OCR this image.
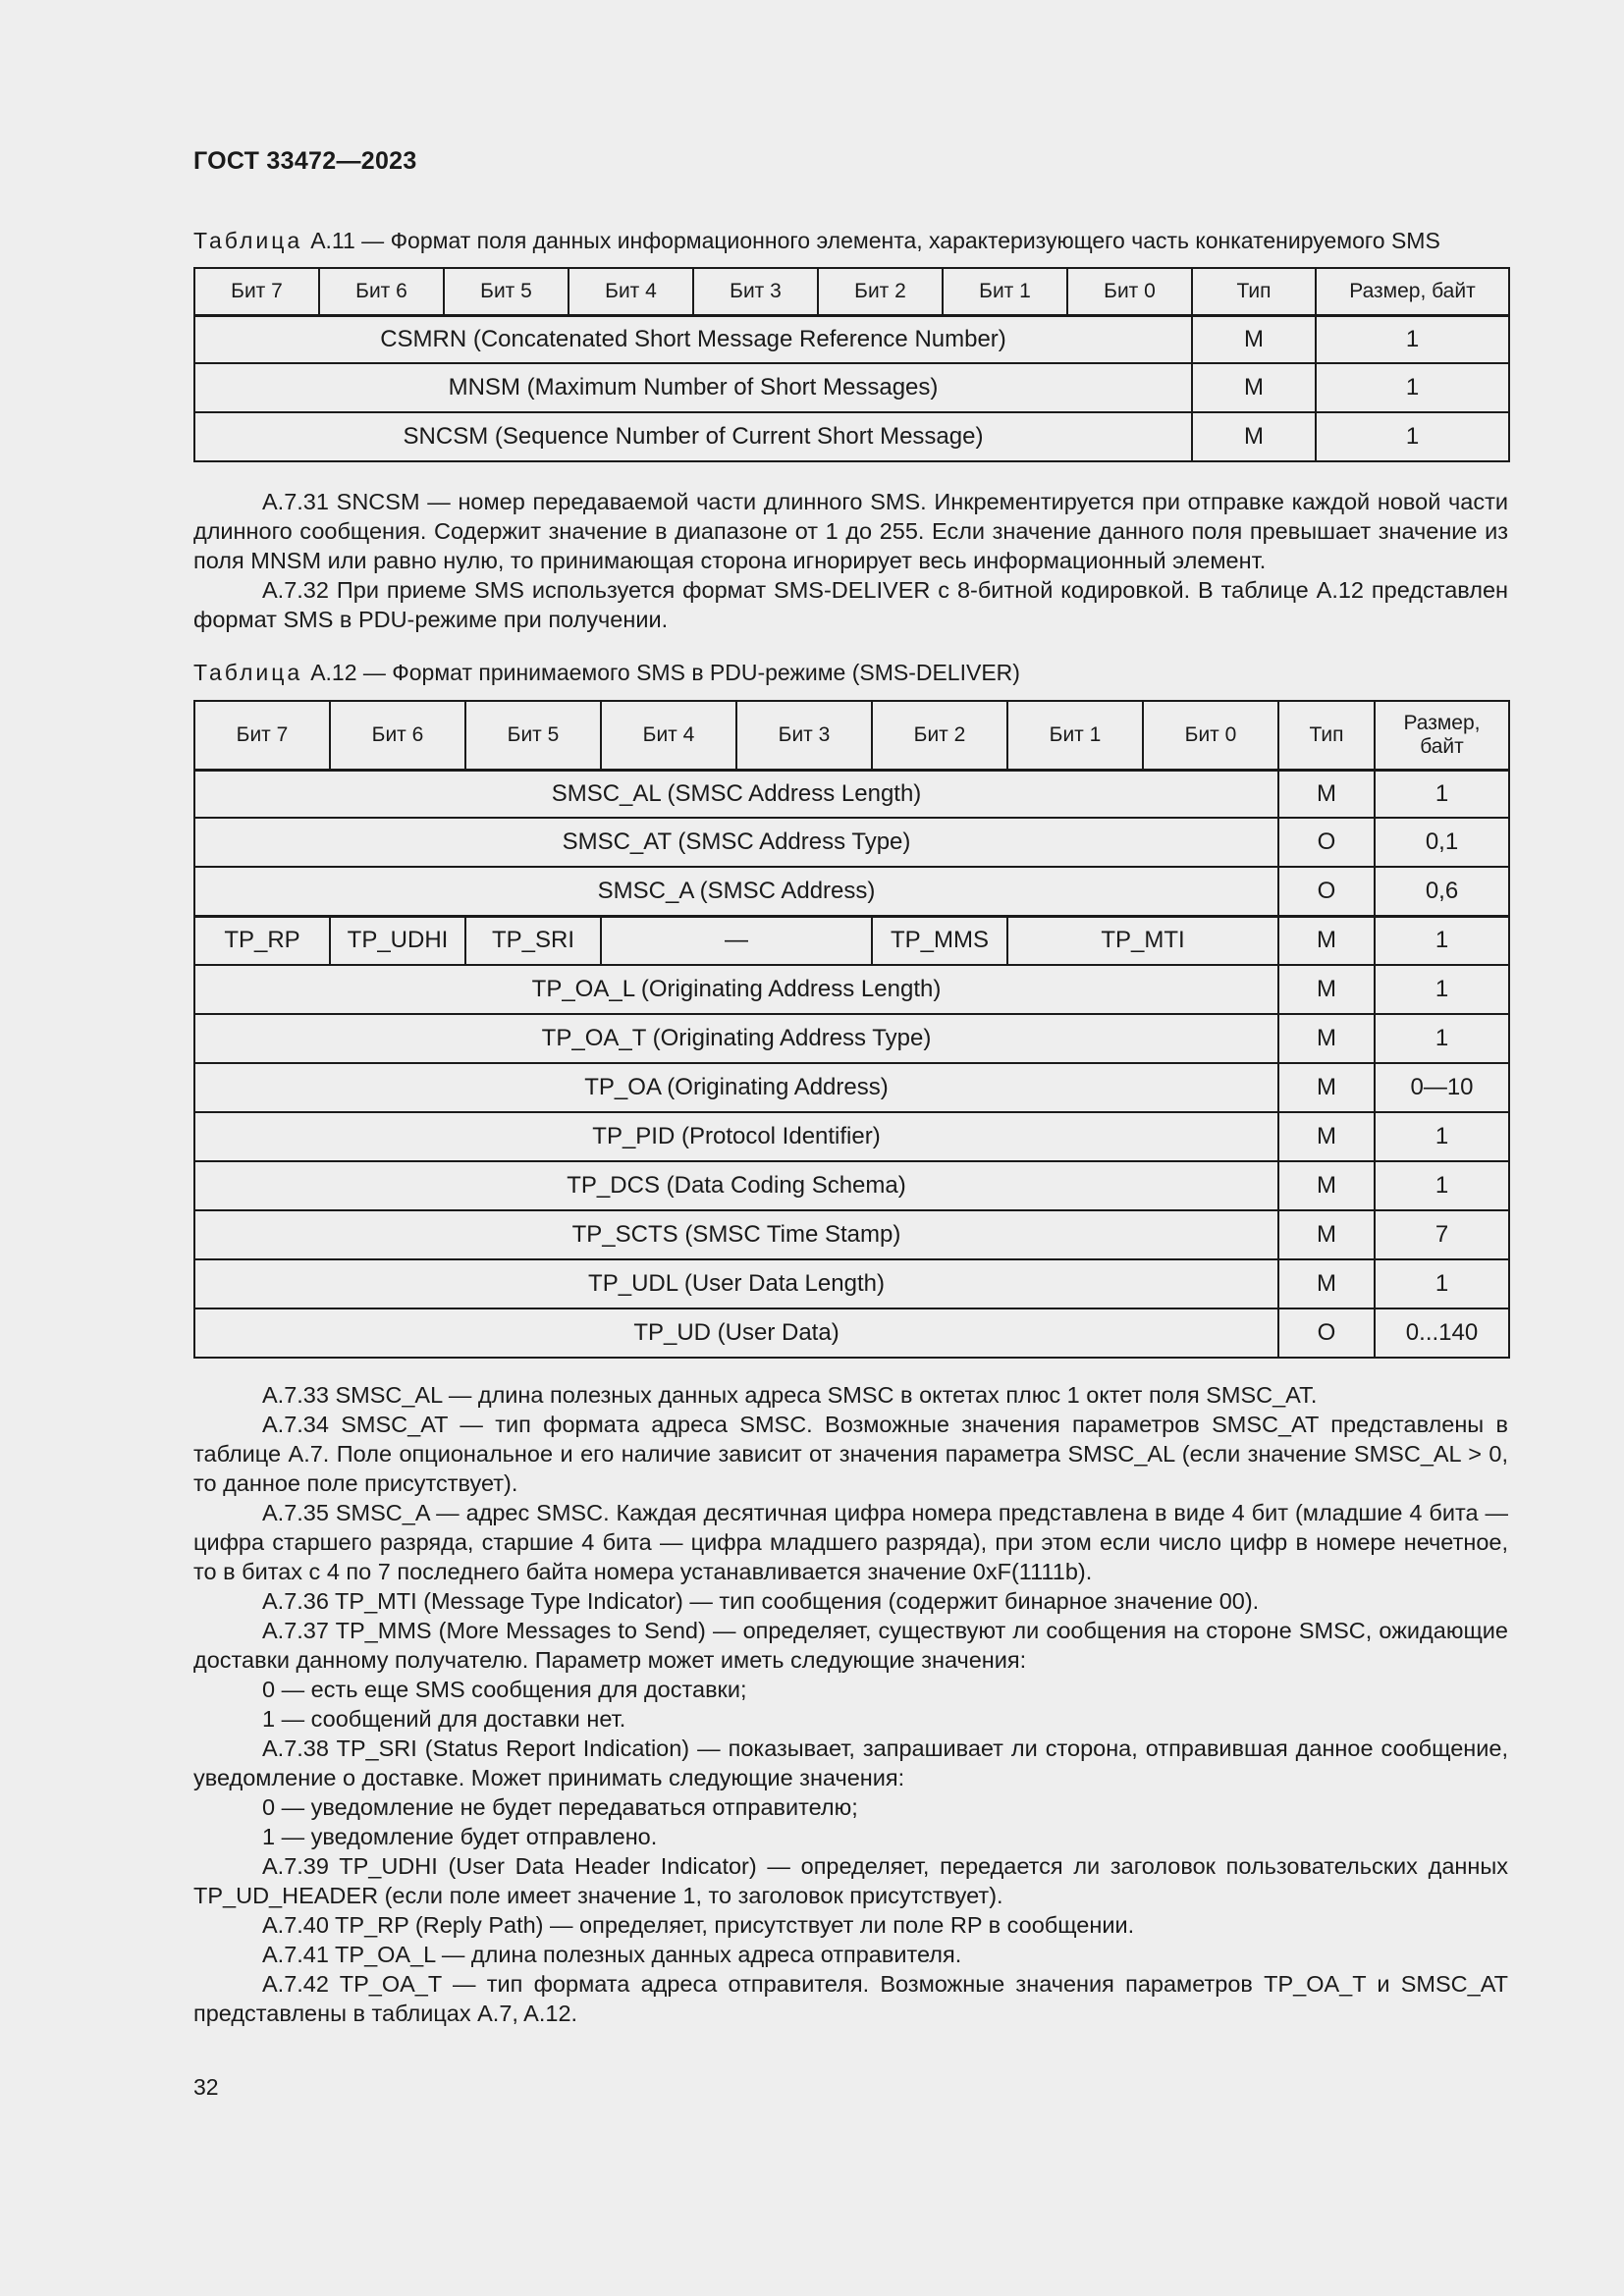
ГОСТ 33472—2023
Таблица A.11 — Формат поля данных информационного элемента, характеризующего часть конкатенируемого SMS
Бит 7	Бит 6	Бит 5	Бит 4	Бит 3	Бит 2	Бит 1	Бит 0	Тип	Размер, байт
CSMRN (Concatenated Short Message Reference Number)								M	1
MNSM (Maximum Number of Short Messages)								M	1
SNCSM (Sequence Number of Current Short Message)								M	1

A.7.31 SNCSM — номер передаваемой части длинного SMS. Инкрементируется при отправке каждой новой части длинного сообщения. Содержит значение в диапазоне от 1 до 255. Если значение данного поля превышает значение из поля MNSM или равно нулю, то принимающая сторона игнорирует весь информационный элемент.

A.7.32 При приеме SMS используется формат SMS-DELIVER с 8-битной кодировкой. В таблице A.12 представлен формат SMS в PDU-режиме при получении.

Таблица A.12 — Формат принимаемого SMS в PDU-режиме (SMS-DELIVER)
Бит 7	Бит 6	Бит 5	Бит 4	Бит 3	Бит 2	Бит 1	Бит 0	Тип	Размер, байт
SMSC_AL (SMSC Address Length)								M	1
SMSC_AT (SMSC Address Type)								O	0,1
SMSC_A (SMSC Address)								O	0,6
TP_RP	TP_UDHI	TP_SRI	—		TP_MMS	TP_MTI		M	1
TP_OA_L (Originating Address Length)								M	1
TP_OA_T (Originating Address Type)								M	1
TP_OA (Originating Address)								M	0—10
TP_PID (Protocol Identifier)								M	1
TP_DCS (Data Coding Schema)								M	1
TP_SCTS (SMSC Time Stamp)								M	7
TP_UDL (User Data Length)								M	1
TP_UD (User Data)								O	0...140

A.7.33 SMSC_AL — длина полезных данных адреса SMSC в октетах плюс 1 октет поля SMSC_AT.

A.7.34 SMSC_AT — тип формата адреса SMSC. Возможные значения параметров SMSC_AT представлены в таблице A.7. Поле опциональное и его наличие зависит от значения параметра SMSC_AL (если значение SMSC_AL > 0, то данное поле присутствует).

A.7.35 SMSC_A — адрес SMSC. Каждая десятичная цифра номера представлена в виде 4 бит (младшие 4 бита — цифра старшего разряда, старшие 4 бита — цифра младшего разряда), при этом если число цифр в номере нечетное, то в битах с 4 по 7 последнего байта номера устанавливается значение 0xF(1111b).

A.7.36 TP_MTI (Message Type Indicator) — тип сообщения (содержит бинарное значение 00).

A.7.37 TP_MMS (More Messages to Send) — определяет, существуют ли сообщения на стороне SMSC, ожидающие доставки данному получателю. Параметр может иметь следующие значения:

0 — есть еще SMS сообщения для доставки;

1 — сообщений для доставки нет.

A.7.38 TP_SRI (Status Report Indication) — показывает, запрашивает ли сторона, отправившая данное сообщение, уведомление о доставке. Может принимать следующие значения:

0 — уведомление не будет передаваться отправителю;

1 — уведомление будет отправлено.

A.7.39 TP_UDHI (User Data Header Indicator) — определяет, передается ли заголовок пользовательских данных TP_UD_HEADER (если поле имеет значение 1, то заголовок присутствует).

A.7.40 TP_RP (Reply Path) — определяет, присутствует ли поле RP в сообщении.

A.7.41 TP_OA_L — длина полезных данных адреса отправителя.

A.7.42 TP_OA_T — тип формата адреса отправителя. Возможные значения параметров TP_OA_T и SMSC_AT представлены в таблицах A.7, A.12.

32
